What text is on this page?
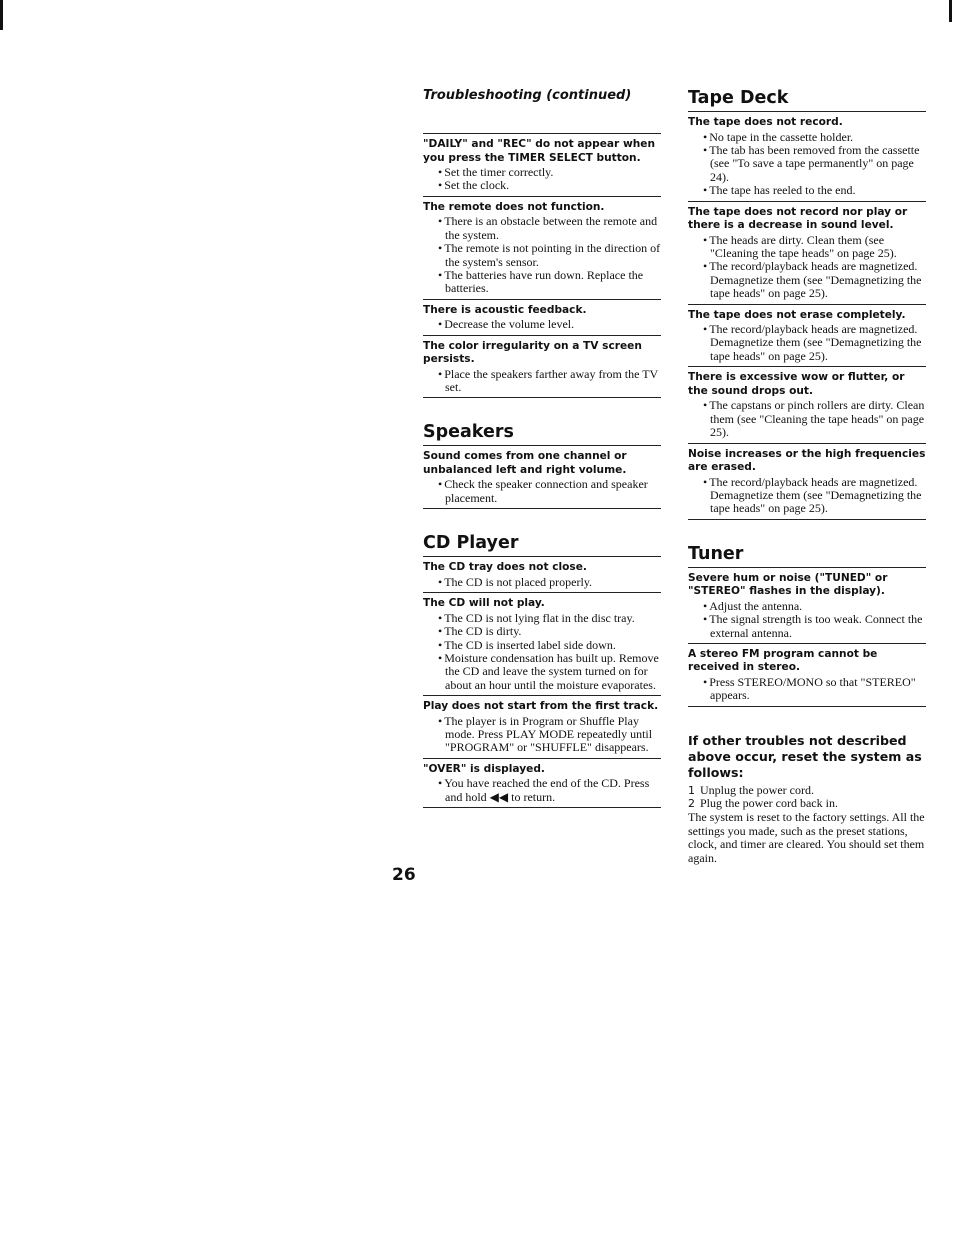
Troubleshooting (continued)
"DAILY" and "REC" do not appear when you press the TIMER SELECT button.
• Set the timer correctly.
• Set the clock.
The remote does not function.
• There is an obstacle between the remote and the system.
• The remote is not pointing in the direction of the system's sensor.
• The batteries have run down. Replace the batteries.
There is acoustic feedback.
• Decrease the volume level.
The color irregularity on a TV screen persists.
• Place the speakers farther away from the TV set.
Speakers
Sound comes from one channel or unbalanced left and right volume.
• Check the speaker connection and speaker placement.
CD Player
The CD tray does not close.
• The CD is not placed properly.
The CD will not play.
• The CD is not lying flat in the disc tray.
• The CD is dirty.
• The CD is inserted label side down.
• Moisture condensation has built up. Remove the CD and leave the system turned on for about an hour until the moisture evaporates.
Play does not start from the first track.
• The player is in Program or Shuffle Play mode. Press PLAY MODE repeatedly until "PROGRAM" or "SHUFFLE" disappears.
"OVER" is displayed.
• You have reached the end of the CD. Press and hold ◀◀ to return.
Tape Deck
The tape does not record.
• No tape in the cassette holder.
• The tab has been removed from the cassette (see "To save a tape permanently" on page 24).
• The tape has reeled to the end.
The tape does not record nor play or there is a decrease in sound level.
• The heads are dirty. Clean them (see "Cleaning the tape heads" on page 25).
• The record/playback heads are magnetized. Demagnetize them (see "Demagnetizing the tape heads" on page 25).
The tape does not erase completely.
• The record/playback heads are magnetized. Demagnetize them (see "Demagnetizing the tape heads" on page 25).
There is excessive wow or flutter, or the sound drops out.
• The capstans or pinch rollers are dirty. Clean them (see "Cleaning the tape heads" on page 25).
Noise increases or the high frequencies are erased.
• The record/playback heads are magnetized. Demagnetize them (see "Demagnetizing the tape heads" on page 25).
Tuner
Severe hum or noise ("TUNED" or "STEREO" flashes in the display).
• Adjust the antenna.
• The signal strength is too weak. Connect the external antenna.
A stereo FM program cannot be received in stereo.
• Press STEREO/MONO so that "STEREO" appears.
If other troubles not described above occur, reset the system as follows:
1 Unplug the power cord.
2 Plug the power cord back in.

The system is reset to the factory settings. All the settings you made, such as the preset stations, clock, and timer are cleared. You should set them again.

26
